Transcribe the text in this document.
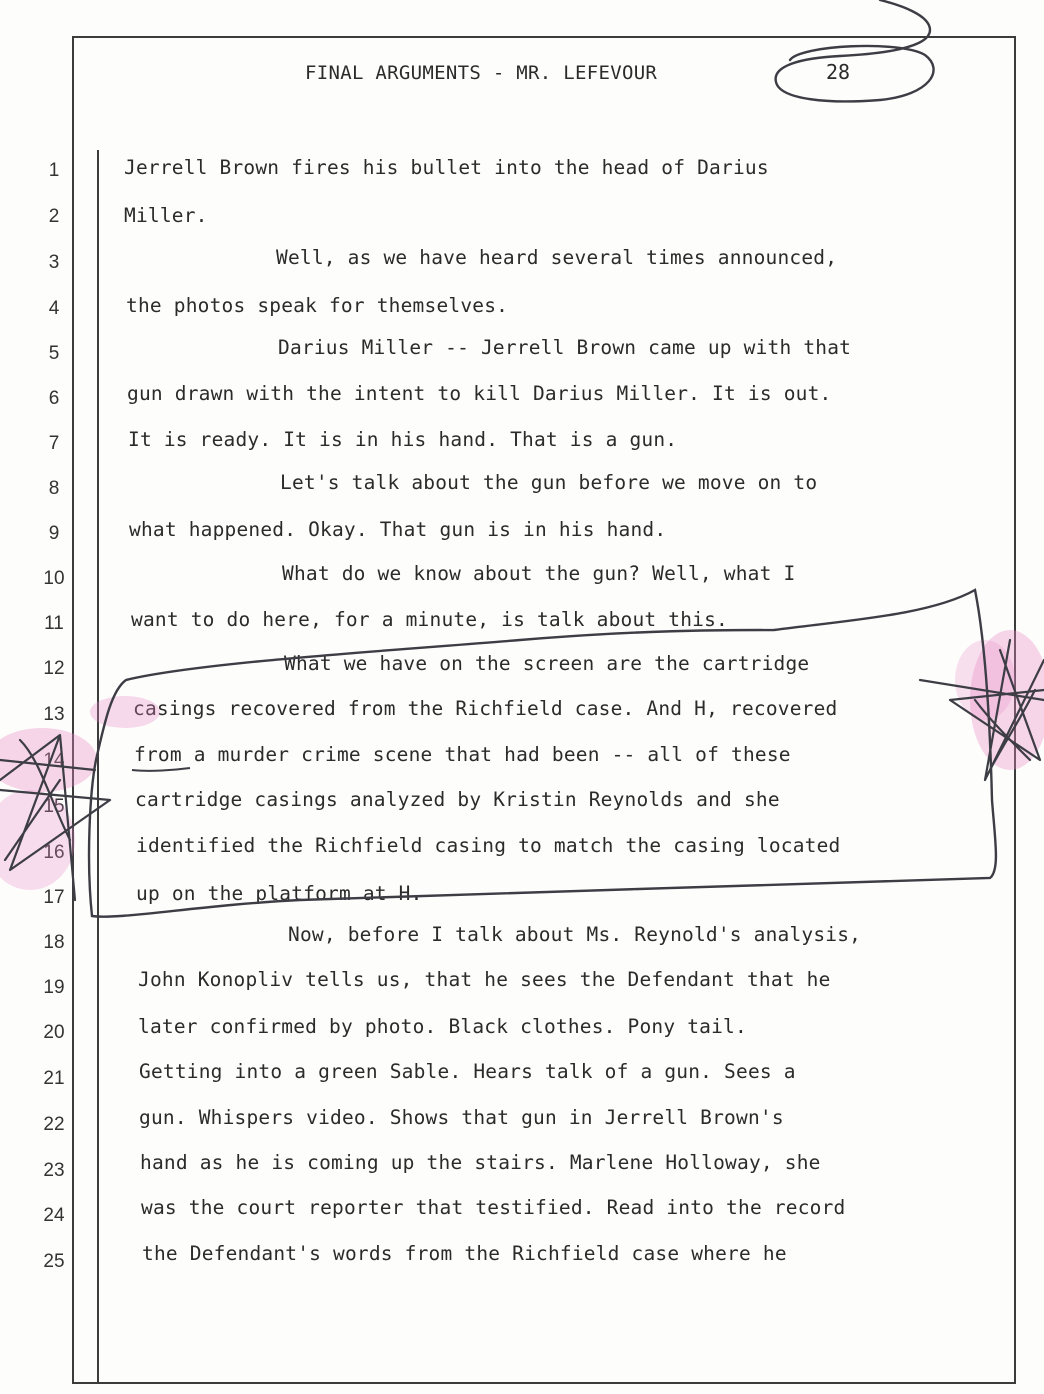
FINAL ARGUMENTS - MR. LEFEVOUR	28
1	Jerrell Brown fires his bullet into the head of Darius
2	Miller.
3	Well, as we have heard several times announced,
4	the photos speak for themselves.
5	Darius Miller -- Jerrell Brown came up with that
6	gun drawn with the intent to kill Darius Miller. It is out.
7	It is ready. It is in his hand. That is a gun.
8	Let's talk about the gun before we move on to
9	what happened. Okay. That gun is in his hand.
10	What do we know about the gun? Well, what I
11	want to do here, for a minute, is talk about this.
12	What we have on the screen are the cartridge
13	casings recovered from the Richfield case. And H, recovered
14	from a murder crime scene that had been -- all of these
15	cartridge casings analyzed by Kristin Reynolds and she
16	identified the Richfield casing to match the casing located
17	up on the platform at H.
18	Now, before I talk about Ms. Reynold's analysis,
19	John Konopliv tells us, that he sees the Defendant that he
20	later confirmed by photo. Black clothes. Pony tail.
21	Getting into a green Sable. Hears talk of a gun. Sees a
22	gun. Whispers video. Shows that gun in Jerrell Brown's
23	hand as he is coming up the stairs. Marlene Holloway, she
24	was the court reporter that testified. Read into the record
25	the Defendant's words from the Richfield case where he
